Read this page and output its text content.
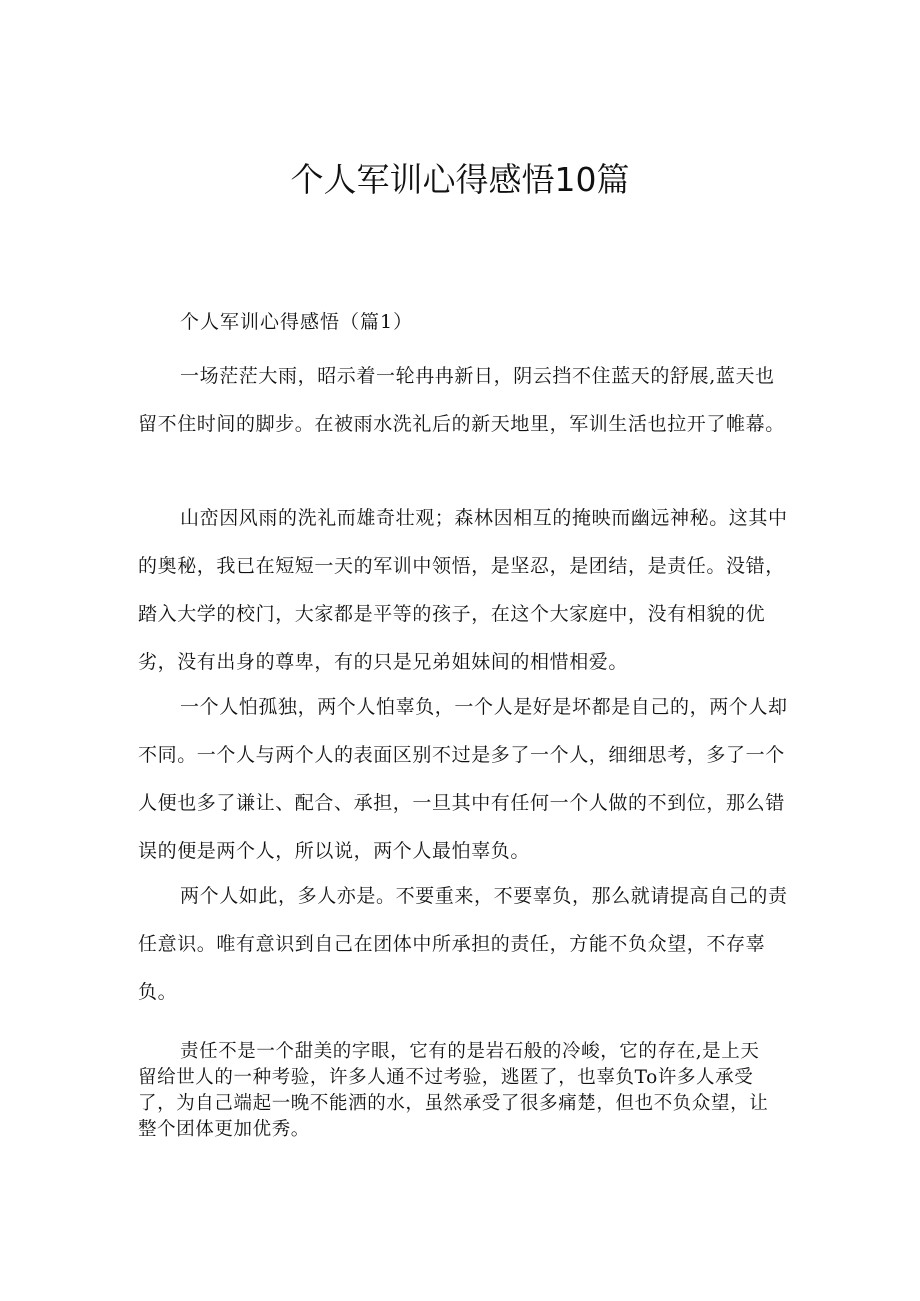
个人军训心得感悟10篇
个人军训心得感悟（篇1）

一场茫茫大雨，昭示着一轮冉冉新日，阴云挡不住蓝天的舒展,蓝天也留不住时间的脚步。在被雨水洗礼后的新天地里，军训生活也拉开了帷幕。

山峦因风雨的洗礼而雄奇壮观；森林因相互的掩映而幽远神秘。这其中的奥秘，我已在短短一天的军训中领悟，是坚忍，是团结，是责任。没错，踏入大学的校门，大家都是平等的孩子，在这个大家庭中，没有相貌的优劣，没有出身的尊卑，有的只是兄弟姐妹间的相惜相爱。

一个人怕孤独，两个人怕辜负，一个人是好是坏都是自己的，两个人却不同。一个人与两个人的表面区别不过是多了一个人，细细思考，多了一个人便也多了谦让、配合、承担，一旦其中有任何一个人做的不到位，那么错误的便是两个人，所以说，两个人最怕辜负。

两个人如此，多人亦是。不要重来，不要辜负，那么就请提高自己的责任意识。唯有意识到自己在团体中所承担的责任，方能不负众望，不存辜负。

责任不是一个甜美的字眼，它有的是岩石般的冷峻，它的存在,是上天留给世人的一种考验，许多人通不过考验，逃匿了，也辜负To许多人承受了，为自己端起一晚不能洒的水，虽然承受了很多痛楚，但也不负众望，让整个团体更加优秀。
